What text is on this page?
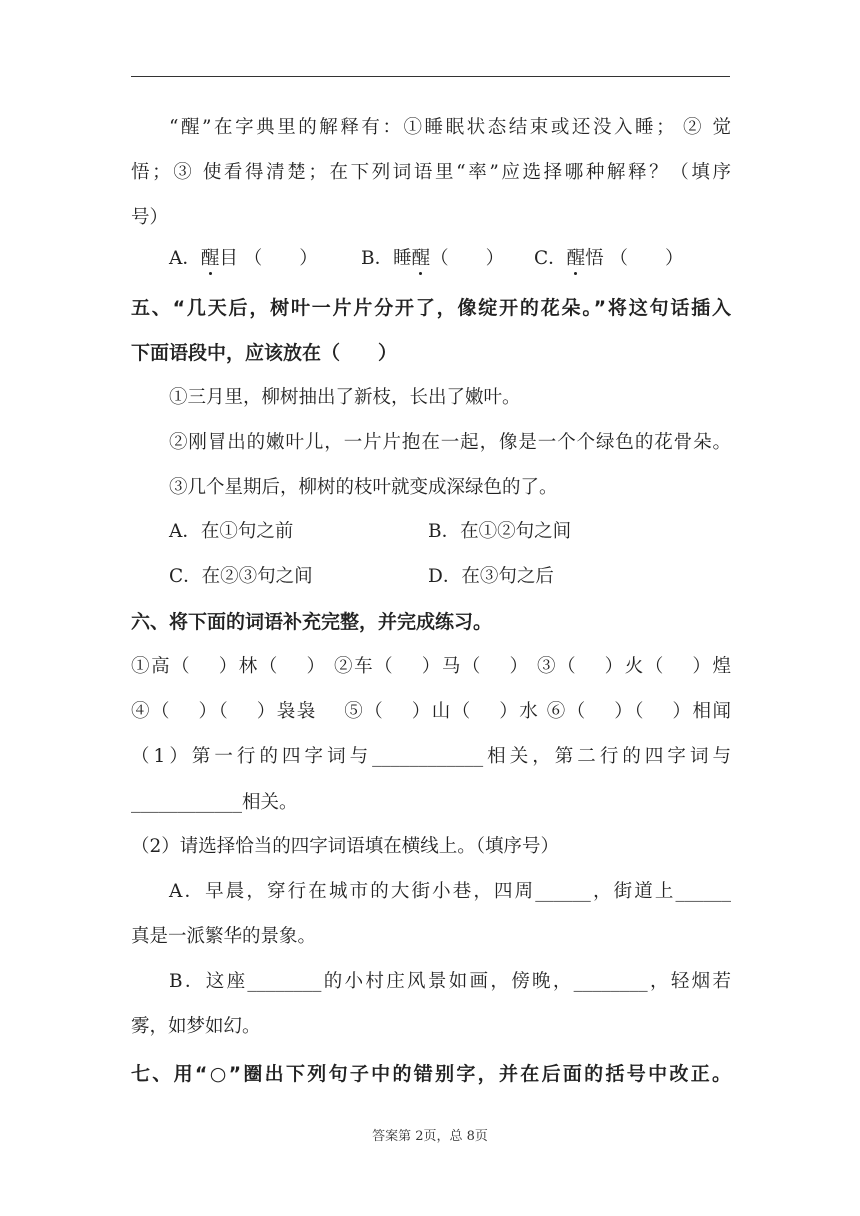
“醒”在字典里的解释有：①睡眠状态结束或还没入睡； ② 觉
悟；③ 使看得清楚；在下列词语里“率”应选择哪种解释？（填序
号）
A．醒目 （　　） B．睡醒（　　） C．醒悟 （　　）
五、“几天后，树叶一片片分开了，像绽开的花朵。”将这句话插入
下面语段中，应该放在（　　）
①三月里，柳树抽出了新枝，长出了嫩叶。
②刚冒出的嫩叶儿，一片片抱在一起，像是一个个绿色的花骨朵。
③几个星期后，柳树的枝叶就变成深绿色的了。
A．在①句之前	B．在①②句之间
C．在②③句之间	D．在③句之后
六、将下面的词语补充完整，并完成练习。
①高（　 ）林（　 ） ②车（　 ）马（　 ） ③（　 ）火（　 ）煌
④（　 ）（　 ）袅袅　 ⑤（　 ）山（　 ）水 ⑥（　 ）（　 ）相闻
（1）第一行的四字词与____________相关，第二行的四字词与
____________相关。
（2）请选择恰当的四字词语填在横线上。（填序号）
A．早晨，穿行在城市的大街小巷，四周______，街道上______
真是一派繁华的景象。
B．这座________的小村庄风景如画，傍晚，________，轻烟若
雾，如梦如幻。
七、用“○”圈出下列句子中的错别字，并在后面的括号中改正。
答案第 2页，总 8页
